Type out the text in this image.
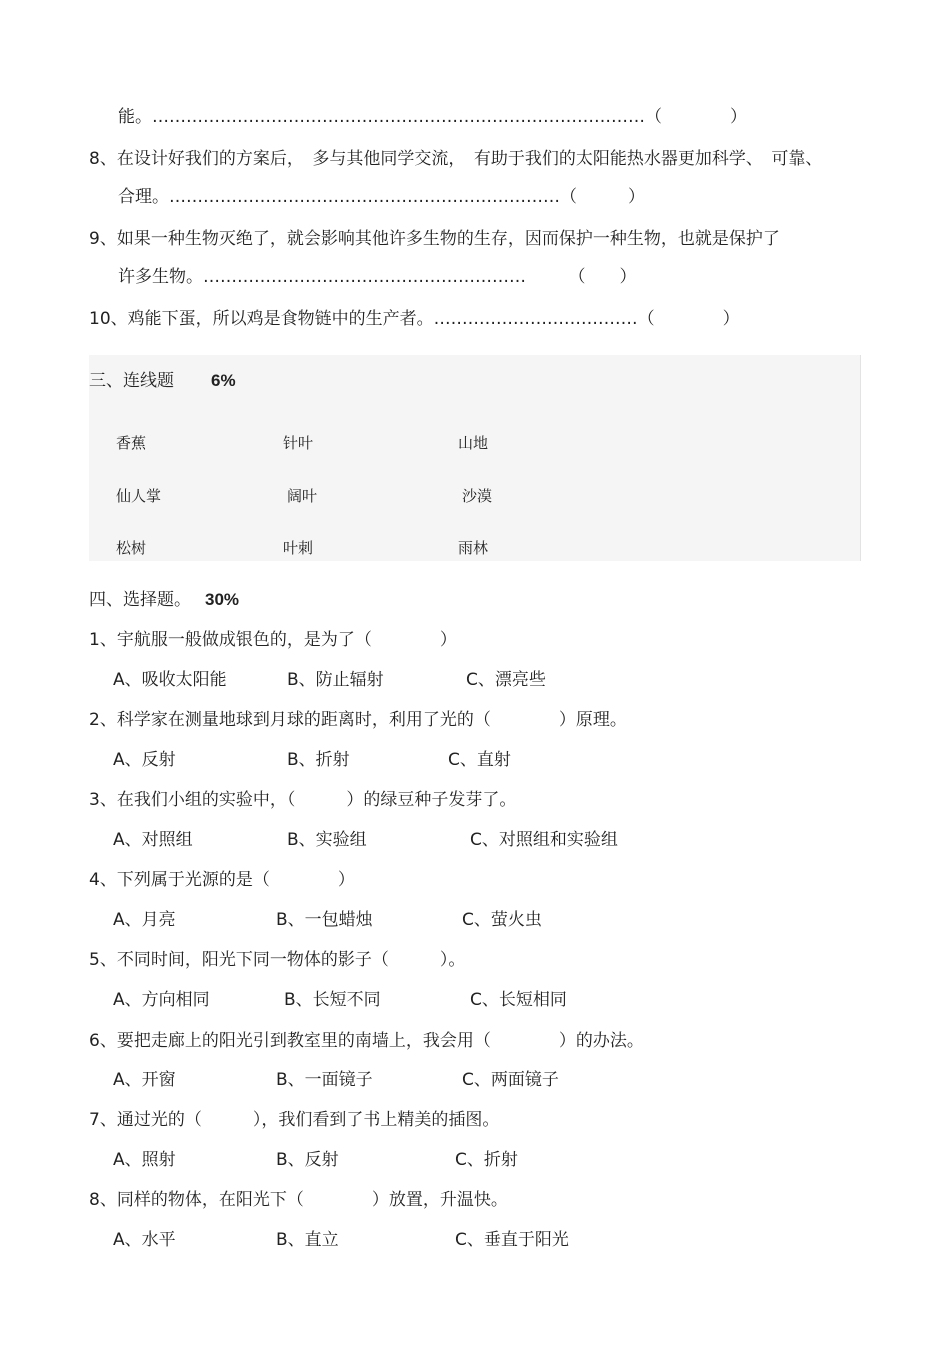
能。……………………………………………………………………………（　　　　）
8、在设计好我们的方案后，　多与其他同学交流，　有助于我们的太阳能热水器更加科学、　可靠、
合理。……………………………………………………………（　　　）
9、如果一种生物灭绝了，就会影响其他许多生物的生存，因而保护一种生物，也就是保护了
许多生物。…………………………………………………　　　（　　）
10、鸡能下蛋，所以鸡是食物链中的生产者。………………………………（　　　　）
三、连线题 6%
香蕉	针叶	山地
仙人掌	阔叶	沙漠
松树	叶刺	雨林
四、选择题。 30%
1、宇航服一般做成银色的，是为了（　　　　）
A、吸收太阳能	B、防止辐射	C、漂亮些
2、科学家在测量地球到月球的距离时，利用了光的（　　　　）原理。
A、反射	B、折射	C、直射
3、在我们小组的实验中，（　　　）的绿豆种子发芽了。
A、对照组	B、实验组	C、对照组和实验组
4、下列属于光源的是（　　　　）
A、月亮	B、一包蜡烛	C、萤火虫
5、不同时间，阳光下同一物体的影子（　　　）。
A、方向相同	B、长短不同	C、长短相同
6、要把走廊上的阳光引到教室里的南墙上，我会用（　　　　）的办法。
A、开窗	B、一面镜子	C、两面镜子
7、通过光的（　　　），我们看到了书上精美的插图。
A、照射	B、反射	C、折射
8、同样的物体，在阳光下（　　　　）放置，升温快。
A、水平	B、直立	C、垂直于阳光
